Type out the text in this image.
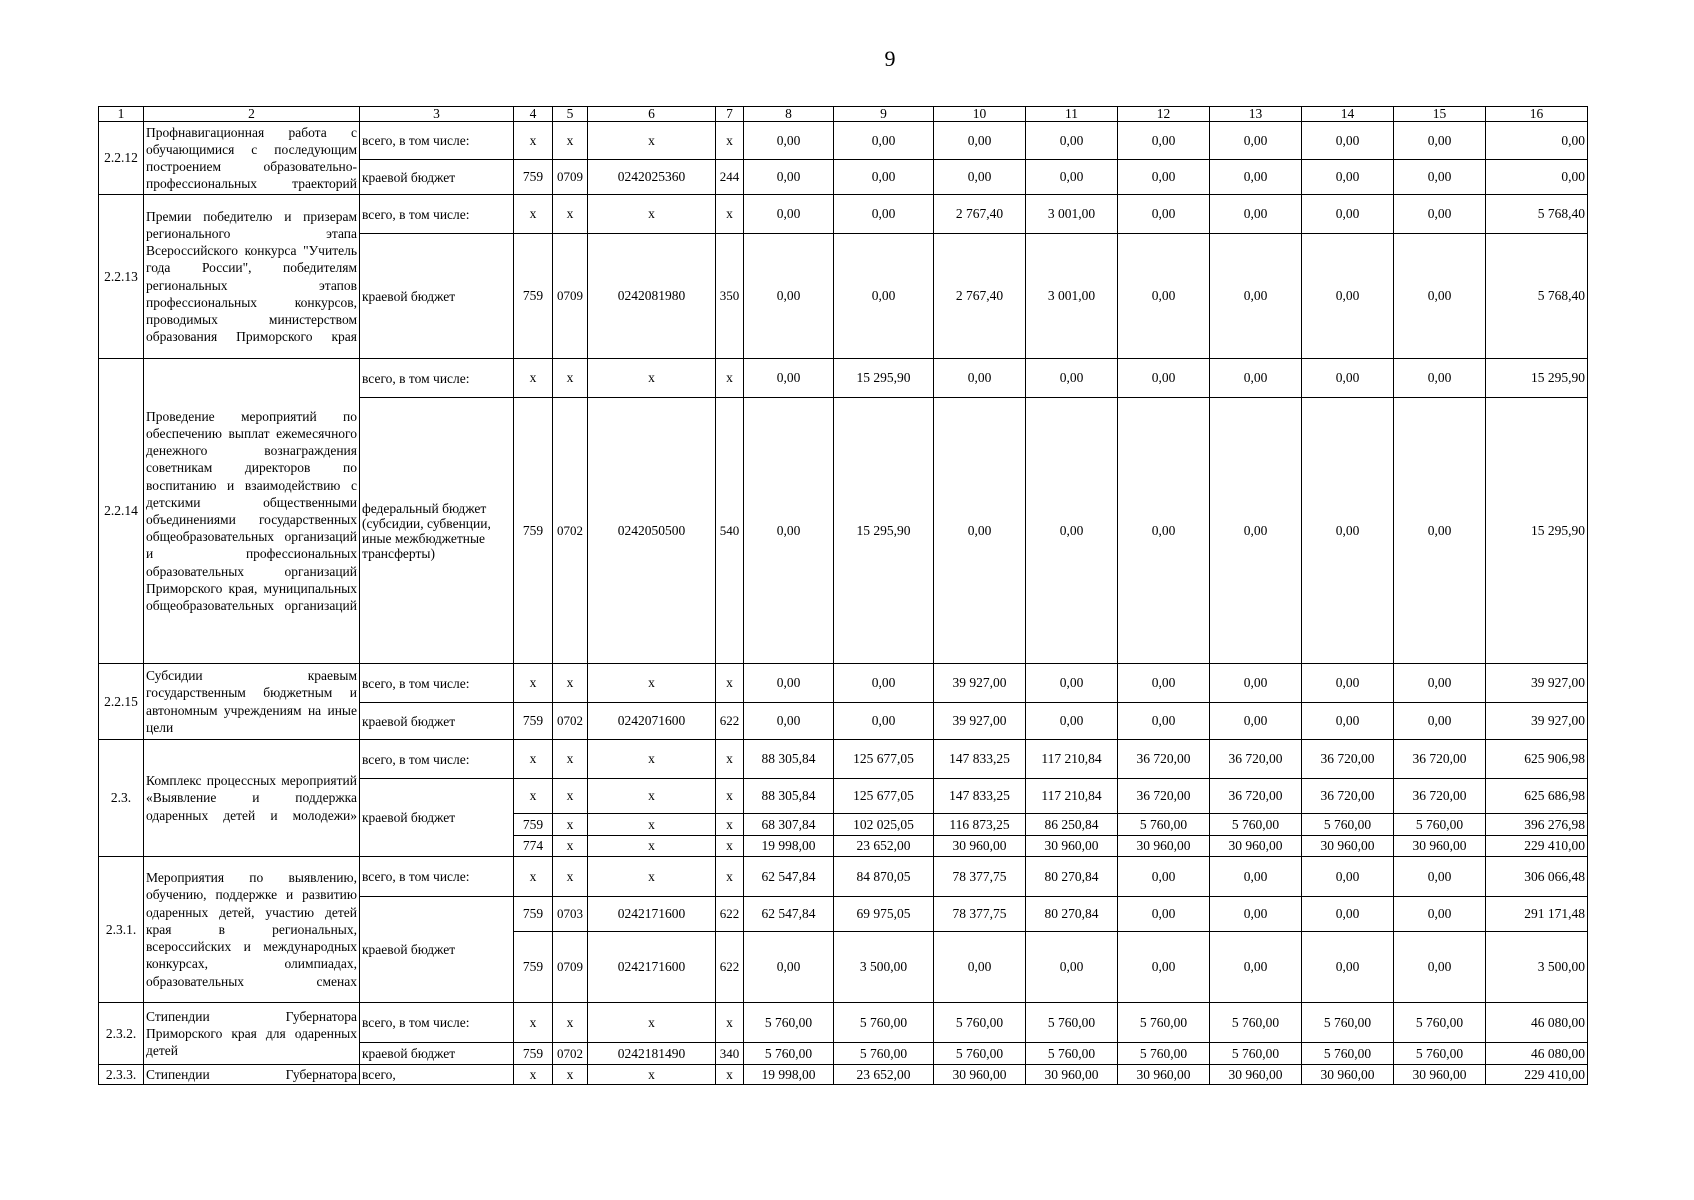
9
1	2	3	4	5	6	7	8	9	10	11	12	13	14	15	16
2.2.12	Профнавигационная работа с обучающимися с последующим построением образовательно-профессиональных траекторий	всего, в том числе:	x	x	x	x	0,00	0,00	0,00	0,00	0,00	0,00	0,00	0,00	0,00
		краевой бюджет	759	0709	0242025360	244	0,00	0,00	0,00	0,00	0,00	0,00	0,00	0,00	0,00
2.2.13	Премии победителю и призерам регионального этапа Всероссийского конкурса "Учитель года России", победителям региональных этапов профессиональных конкурсов, проводимых министерством образования Приморского края	всего, в том числе:	x	x	x	x	0,00	0,00	2 767,40	3 001,00	0,00	0,00	0,00	0,00	5 768,40
		краевой бюджет	759	0709	0242081980	350	0,00	0,00	2 767,40	3 001,00	0,00	0,00	0,00	0,00	5 768,40
2.2.14	Проведение мероприятий по обеспечению выплат ежемесячного денежного вознаграждения советникам директоров по воспитанию и взаимодействию с детскими общественными объединениями государственных общеобразовательных организаций и профессиональных образовательных организаций Приморского края, муниципальных общеобразовательных организаций	всего, в том числе:	x	x	x	x	0,00	15 295,90	0,00	0,00	0,00	0,00	0,00	0,00	15 295,90
		федеральный бюджет (субсидии, субвенции, иные межбюджетные трансферты)	759	0702	0242050500	540	0,00	15 295,90	0,00	0,00	0,00	0,00	0,00	0,00	15 295,90
2.2.15	Субсидии краевым государственным бюджетным и автономным учреждениям на иные цели	всего, в том числе:	x	x	x	x	0,00	0,00	39 927,00	0,00	0,00	0,00	0,00	0,00	39 927,00
		краевой бюджет	759	0702	0242071600	622	0,00	0,00	39 927,00	0,00	0,00	0,00	0,00	0,00	39 927,00
2.3.	Комплекс процессных мероприятий «Выявление и поддержка одаренных детей и молодежи»	всего, в том числе:	x	x	x	x	88 305,84	125 677,05	147 833,25	117 210,84	36 720,00	36 720,00	36 720,00	36 720,00	625 906,98
		краевой бюджет	x	x	x	x	88 305,84	125 677,05	147 833,25	117 210,84	36 720,00	36 720,00	36 720,00	36 720,00	625 686,98
			759	x	x	x	68 307,84	102 025,05	116 873,25	86 250,84	5 760,00	5 760,00	5 760,00	5 760,00	396 276,98
			774	x	x	x	19 998,00	23 652,00	30 960,00	30 960,00	30 960,00	30 960,00	30 960,00	30 960,00	229 410,00
2.3.1.	Мероприятия по выявлению, обучению, поддержке и развитию одаренных детей, участию детей края в региональных, всероссийских и международных конкурсах, олимпиадах, образовательных сменах	всего, в том числе:	x	x	x	x	62 547,84	84 870,05	78 377,75	80 270,84	0,00	0,00	0,00	0,00	306 066,48
		краевой бюджет	759	0703	0242171600	622	62 547,84	69 975,05	78 377,75	80 270,84	0,00	0,00	0,00	0,00	291 171,48
			759	0709	0242171600	622	0,00	3 500,00	0,00	0,00	0,00	0,00	0,00	0,00	3 500,00
2.3.2.	Стипендии Губернатора Приморского края для одаренных детей	всего, в том числе:	x	x	x	x	5 760,00	5 760,00	5 760,00	5 760,00	5 760,00	5 760,00	5 760,00	5 760,00	46 080,00
		краевой бюджет	759	0702	0242181490	340	5 760,00	5 760,00	5 760,00	5 760,00	5 760,00	5 760,00	5 760,00	5 760,00	46 080,00
2.3.3.	Стипендии Губернатора	всего,	x	x	x	x	19 998,00	23 652,00	30 960,00	30 960,00	30 960,00	30 960,00	30 960,00	30 960,00	229 410,00
